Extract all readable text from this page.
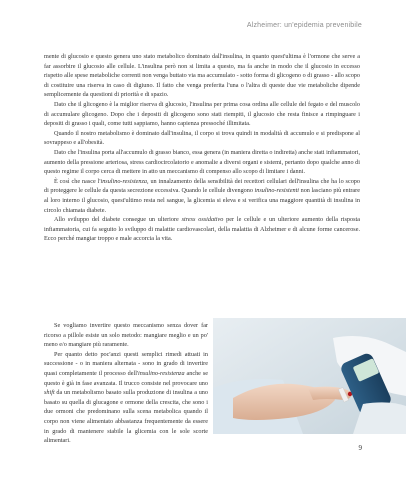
Alzheimer: un'epidemia prevenibile

mente di glucosio e questo genera uno stato metabolico dominato dall'insulina, in quanto quest'ultima è l'ormone che serve a far assorbire il glucosio alle cellule. L'insulina però non si limita a questo, ma fa anche in modo che il glucosio in eccesso rispetto alle spese metaboliche correnti non venga buttato via ma accumulato - sotto forma di glicogeno o di grasso - allo scopo di costituire una riserva in caso di digiuno. Il fatto che venga preferita l'una o l'altra di queste due vie metaboliche dipende semplicemente da questioni di priorità e di spazio.

Dato che il glicogeno è la miglior riserva di glucosio, l'insulina per prima cosa ordina alle cellule del fegato e del muscolo di accumulare glicogeno. Dopo che i depositi di glicogeno sono stati riempiti, il glucosio che resta finisce a rimpinguare i depositi di grasso i quali, come tutti sappiamo, hanno capienza pressoché illimitata.

Quando il nostro metabolismo è dominato dall'insulina, il corpo si trova quindi in modalità di accumulo e si predispone al sovrappeso e all'obesità.

Dato che l'insulina porta all'accumulo di grasso bianco, essa genera (in maniera diretta o indiretta) anche stati infiammatori, aumento della pressione arteriosa, stress cardiocircolatorio e anomalie a diversi organi e sistemi, pertanto dopo qualche anno di questo regime il corpo cerca di mettere in atto un meccanismo di compenso allo scopo di limitare i danni.

È così che nasce l'insulino-resistenza, un innalzamento della sensibilità dei recettori cellulari dell'insulina che ha lo scopo di proteggere le cellule da questa secrezione eccessiva. Quando le cellule divengono insulino-resistenti non lasciano più entrare al loro interno il glucosio, quest'ultimo resta nel sangue, la glicemia si eleva e si verifica una maggiore quantità di insulina in circolo chiamata diabete.

Allo sviluppo del diabete consegue un ulteriore stress ossidativo per le cellule e un ulteriore aumento della risposta infiammatoria, cui fa seguito lo sviluppo di malattie cardiovascolari, della malattia di Alzheimer e di alcune forme cancerose. Ecco perché mangiar troppo e male accorcia la vita.

Se vogliamo invertire questo meccanismo senza dover far ricorso a pillole esiste un solo metodo: mangiare meglio e un po' meno e/o mangiare più raramente.

Per quanto detto poc'anzi questi semplici rimedi attuati in successione - o in maniera alternata - sono in grado di invertire quasi completamente il processo dell'insulino-resistenza anche se questo è già in fase avanzata. Il trucco consiste nel provocare uno shift da un metabolismo basato sulla produzione di insulina a uno basato su quella di glucagone e ormone della crescita, che sono i due ormoni che predominano sulla scena metabolica quando il corpo non viene alimentato abbastanza frequentemente da essere in grado di mantenere stabile la glicemia con le sole scorte alimentari.

9
